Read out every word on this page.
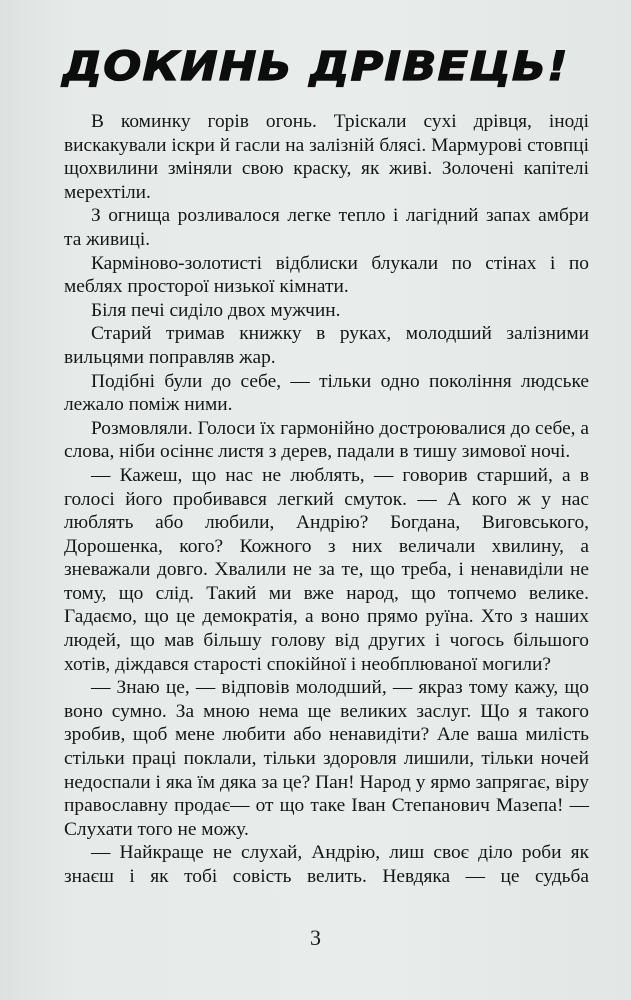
ДОКИНЬ ДРІВЕЦЬ!

В коминку горів огонь. Тріскали сухі дрівця, іноді вискакували іскри й гасли на залізній блясі. Мармурові стовпці щохвилини зміняли свою краску, як живі. Золочені капітелі мерехтіли.

З огнища розливалося легке тепло і лагідний запах амбри та живиці.

Карміново-золотисті відблиски блукали по стінах і по меблях просторої низької кімнати.

Біля печі сиділо двох мужчин.

Старий тримав книжку в руках, молодший залізними вильцями поправляв жар.

Подібні були до себе, — тільки одно покоління людське лежало поміж ними.

Розмовляли. Голоси їх гармонійно достроювалися до себе, а слова, ніби осіннє листя з дерев, падали в тишу зимової ночі.

— Кажеш, що нас не люблять, — говорив старший, а в голосі його пробивався легкий смуток. — А кого ж у нас люблять або любили, Андрію? Богдана, Виговського, Дорошенка, кого? Кожного з них величали хвилину, а зневажали довго. Хвалили не за те, що треба, і ненавиділи не тому, що слід. Такий ми вже народ, що топчемо велике. Гадаємо, що це демократія, а воно прямо руїна. Хто з наших людей, що мав більшу голову від других і чогось більшого хотів, діждався старості спокійної і необплюваної могили?

— Знаю це, — відповів молодший, — якраз тому кажу, що воно сумно. За мною нема ще великих заслуг. Що я такого зробив, щоб мене любити або ненавидіти? Але ваша милість стільки праці поклали, тільки здоровля лишили, тільки ночей недоспали і яка їм дяка за це? Пан! Народ у ярмо запрягає, віру православну продає— от що таке Іван Степанович Мазепа! — Слухати того не можу.

— Найкраще не слухай, Андрію, лиш своє діло роби як знаєш і як тобі совість велить. Невдяка — це судьба

3
